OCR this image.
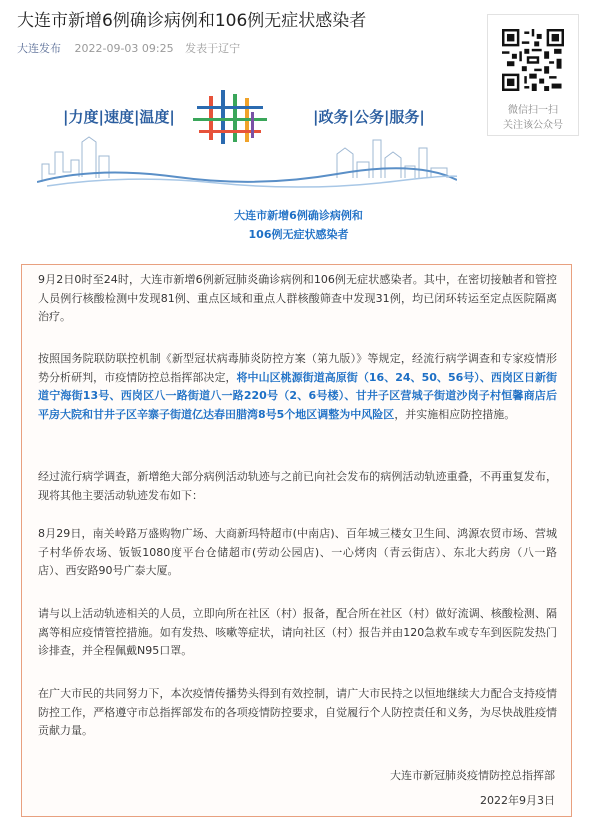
大连市新增6例确诊病例和106例无症状感染者
大连发布 2022-09-03 09:25 发表于辽宁
微信扫一扫
关注该公众号
|力度|速度|温度|	|政务|公务|服务|
大连市新增6例确诊病例和
106例无症状感染者
9月2日0时至24时，大连市新增6例新冠肺炎确诊病例和106例无症状感染者。其中，在密切接触者和管控人员例行核酸检测中发现81例、重点区域和重点人群核酸筛查中发现31例，均已闭环转运至定点医院隔离治疗。
按照国务院联防联控机制《新型冠状病毒肺炎防控方案（第九版）》等规定，经流行病学调查和专家疫情形势分析研判，市疫情防控总指挥部决定，将中山区桃源街道高原街（16、24、50、56号）、西岗区日新街道宁海街13号、西岗区八一路街道八一路220号（2、6号楼）、甘井子区营城子街道沙岗子村恒馨商店后平房大院和甘井子区辛寨子街道亿达春田腊湾8号5个地区调整为中风险区，并实施相应防控措施。
经过流行病学调查，新增绝大部分病例活动轨迹与之前已向社会发布的病例活动轨迹重叠，不再重复发布，现将其他主要活动轨迹发布如下：
8月29日，南关岭路万盛购物广场、大商新玛特超市(中南店)、百年城三楼女卫生间、鸿源农贸市场、营城子村华侨农场、钣钣1080度平台仓储超市(劳动公园店)、一心烤肉（青云街店）、东北大药房（八一路店）、西安路90号广泰大厦。
请与以上活动轨迹相关的人员，立即向所在社区（村）报备，配合所在社区（村）做好流调、核酸检测、隔离等相应疫情管控措施。如有发热、咳嗽等症状，请向社区（村）报告并由120急救车或专车到医院发热门诊排查，并全程佩戴N95口罩。
在广大市民的共同努力下，本次疫情传播势头得到有效控制，请广大市民持之以恒地继续大力配合支持疫情防控工作，严格遵守市总指挥部发布的各项疫情防控要求，自觉履行个人防控责任和义务，为尽快战胜疫情贡献力量。
大连市新冠肺炎疫情防控总指挥部
2022年9月3日
